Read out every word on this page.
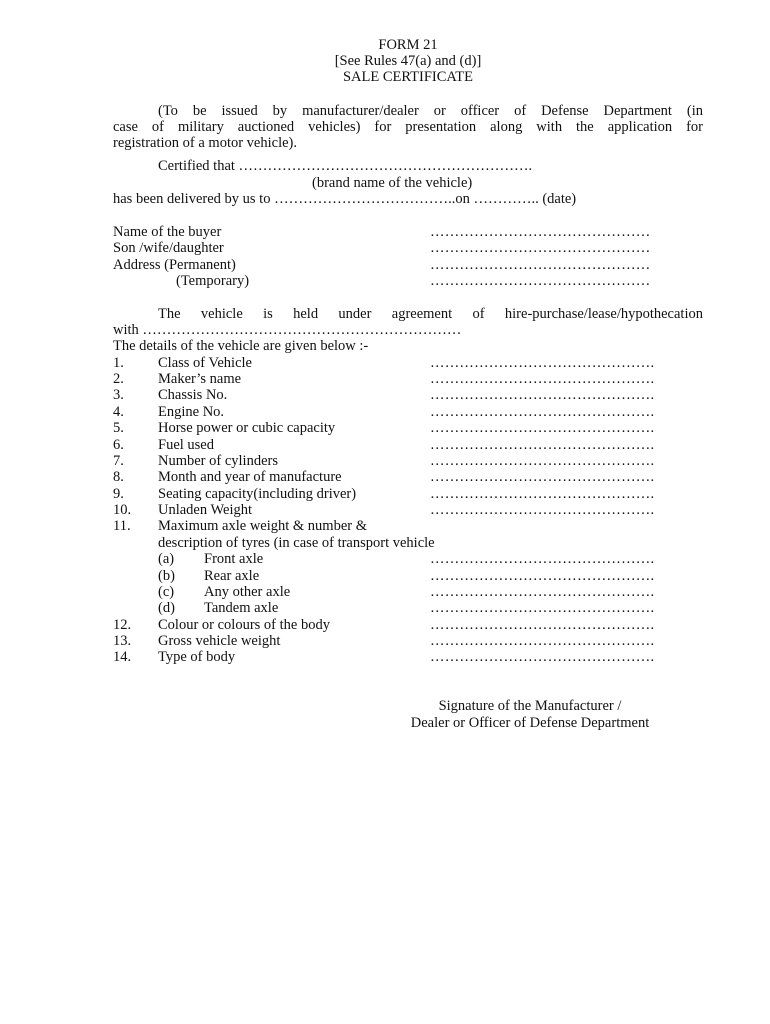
FORM 21
[See Rules 47(a) and (d)]
SALE CERTIFICATE
(To be issued by manufacturer/dealer or officer of Defense Department (in
case of military auctioned vehicles) for presentation along with the application for
registration of a motor vehicle).
Certified that …………………………………………………….
(brand name of the vehicle)
has been delivered by us to ………………………………..on ………….. (date)
Name of the buyer	………………………………………
Son /wife/daughter	………………………………………
Address (Permanent)	………………………………………
(Temporary)	………………………………………
The vehicle is held under agreement of hire-purchase/lease/hypothecation
with …………………………………………………………
The details of the vehicle are given below :-
1. Class of Vehicle	……………………………………….
2. Maker’s name	……………………………………….
3. Chassis No.	……………………………………….
4. Engine No.	……………………………………….
5. Horse power or cubic capacity	……………………………………….
6. Fuel used	……………………………………….
7. Number of cylinders	……………………………………….
8. Month and year of manufacture	……………………………………….
9. Seating capacity(including driver)	……………………………………….
10. Unladen Weight	……………………………………….
11. Maximum axle weight & number &
description of tyres (in case of transport vehicle
(a) Front axle	……………………………………….
(b) Rear axle	……………………………………….
(c) Any other axle	……………………………………….
(d) Tandem axle	……………………………………….
12. Colour or colours of the body	……………………………………….
13. Gross vehicle weight	……………………………………….
14. Type of body	……………………………………….
Signature of the Manufacturer /
Dealer or Officer of Defense Department
